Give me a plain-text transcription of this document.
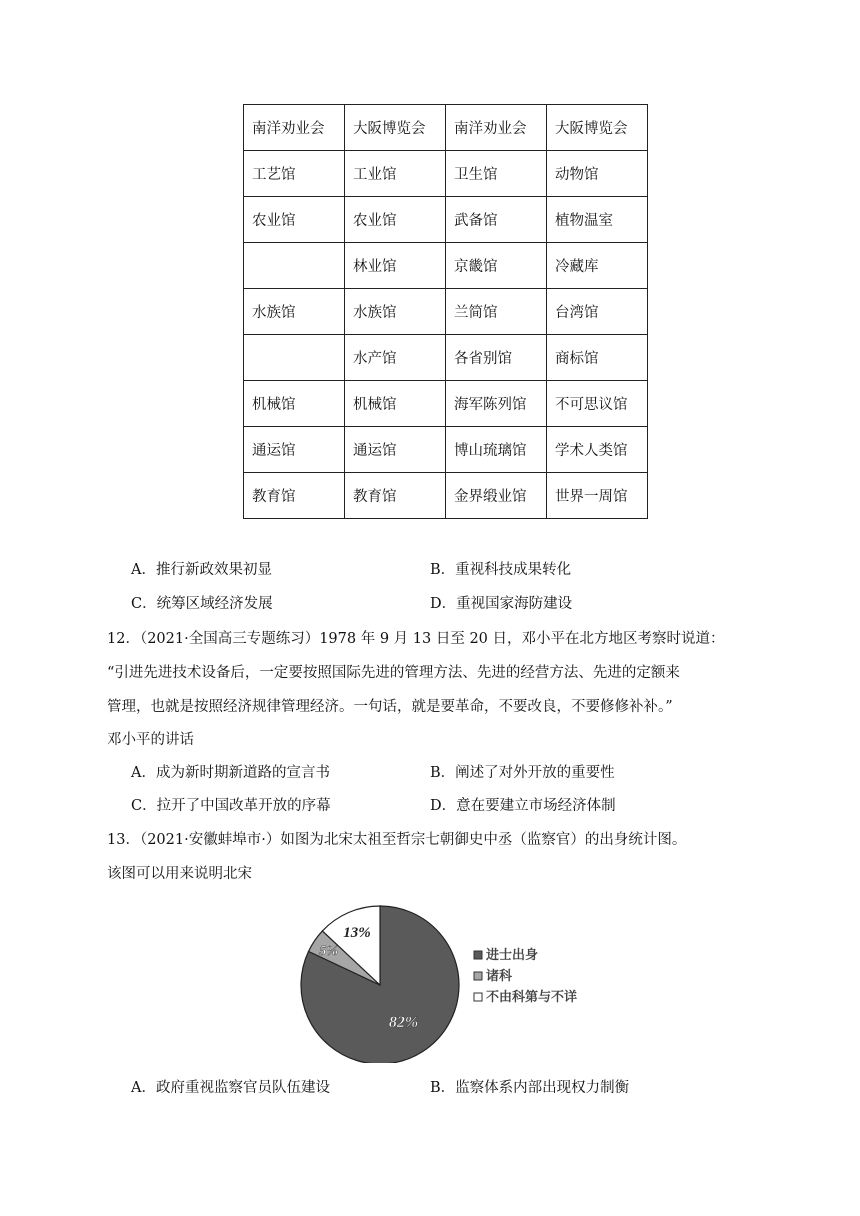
南洋劝业会	大阪博览会	南洋劝业会	大阪博览会
工艺馆	工业馆	卫生馆	动物馆
农业馆	农业馆	武备馆	植物温室
	林业馆	京畿馆	冷藏库
水族馆	水族馆	兰简馆	台湾馆
	水产馆	各省别馆	商标馆
机械馆	机械馆	海军陈列馆	不可思议馆
通运馆	通运馆	博山琉璃馆	学术人类馆
教育馆	教育馆	金界缎业馆	世界一周馆
A．推行新政效果初显	B．重视科技成果转化
C．统筹区域经济发展	D．重视国家海防建设
12．（2021·全国高三专题练习）1978 年 9 月 13 日至 20 日，邓小平在北方地区考察时说道：
“引进先进技术设备后，一定要按照国际先进的管理方法、先进的经营方法、先进的定额来
管理，也就是按照经济规律管理经济。一句话，就是要革命，不要改良，不要修修补补。”
邓小平的讲话
A．成为新时期新道路的宣言书	B．阐述了对外开放的重要性
C．拉开了中国改革开放的序幕	D．意在要建立市场经济体制
13．（2021·安徽蚌埠市·）如图为北宋太祖至哲宗七朝御史中丞（监察官）的出身统计图。
该图可以用来说明北宋
82%
5%
13%
进士出身
诸科
不由科第与不详
A．政府重视监察官员队伍建设	B．监察体系内部出现权力制衡
